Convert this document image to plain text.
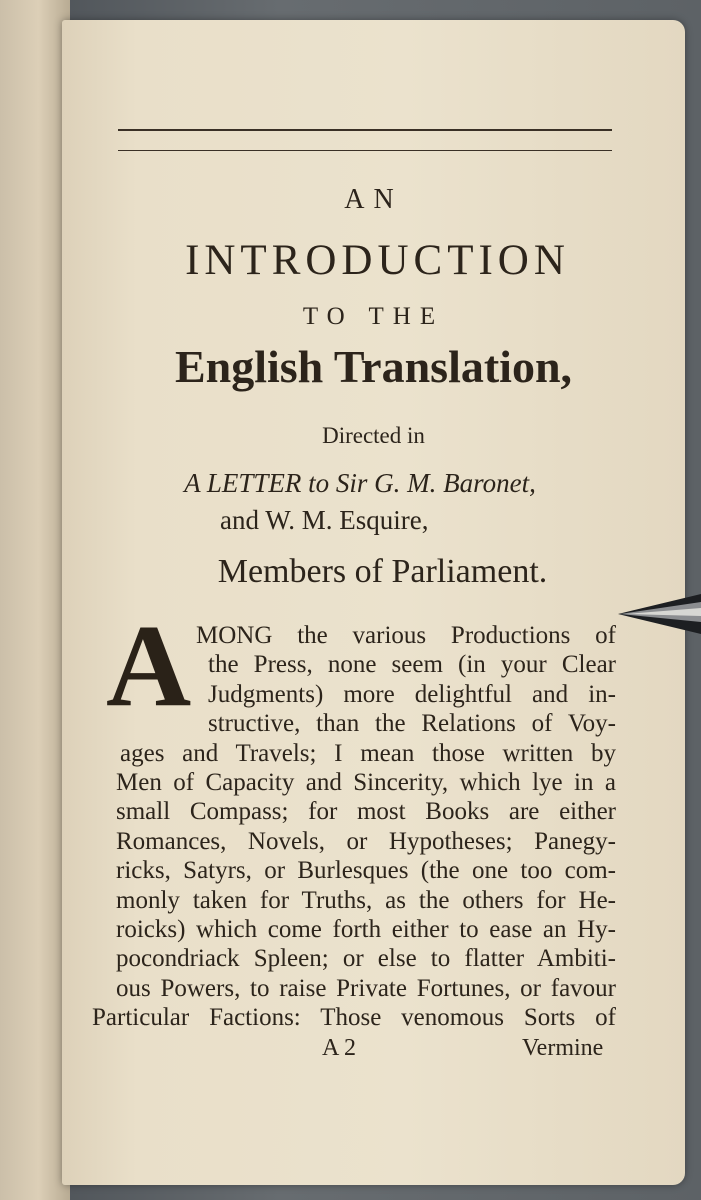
AN
INTRODUCTION
TO THE
English Translation,
Directed in
A LETTER to Sir G. M. Baronet,
and W. M. Esquire,
Members of Parliament.
A MONG the various Productions of
the Press, none seem (in your Clear
Judgments) more delightful and in-
structive, than the Relations of Voy-
ages and Travels; I mean those written by
Men of Capacity and Sincerity, which lye in a
small Compass; for most Books are either
Romances, Novels, or Hypotheses; Panegy-
ricks, Satyrs, or Burlesques (the one too com-
monly taken for Truths, as the others for He-
roicks) which come forth either to ease an Hy-
pocondriack Spleen; or else to flatter Ambiti-
ous Powers, to raise Private Fortunes, or favour
Particular Factions: Those venomous Sorts of
A 2	Vermine
